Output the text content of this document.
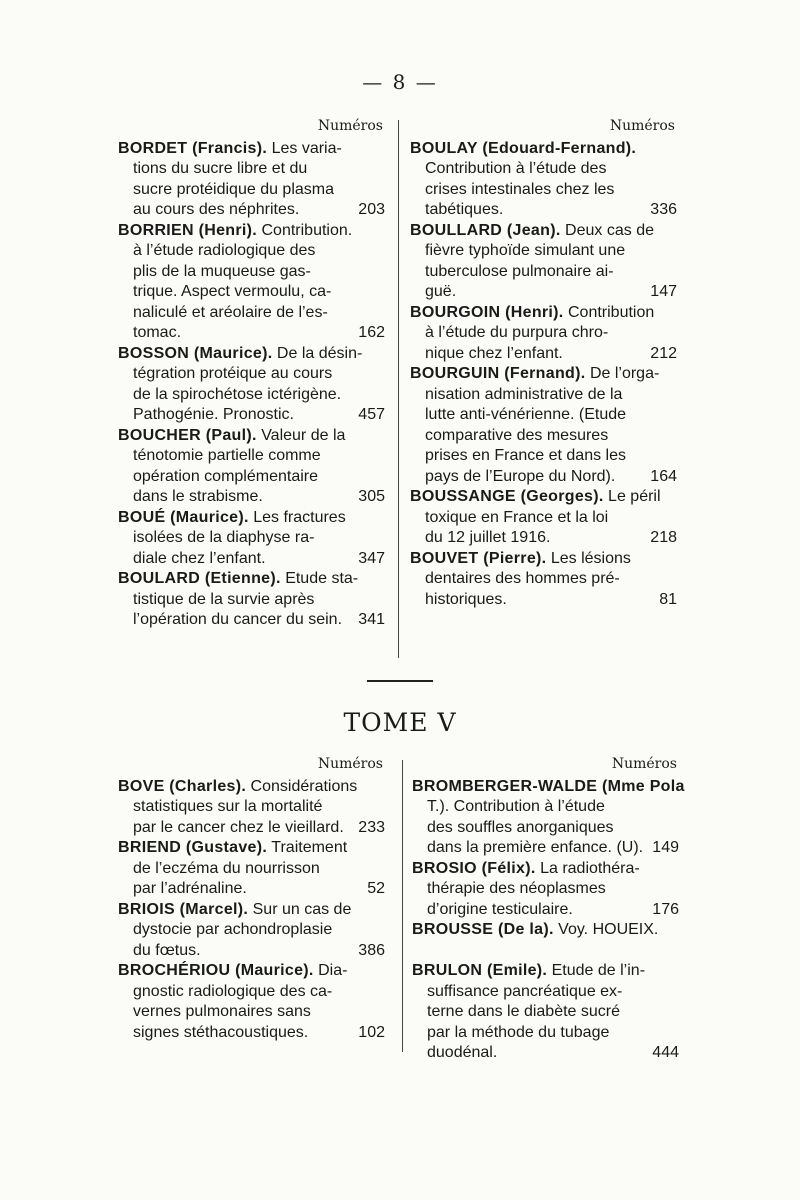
— 8 —
Numéros
BORDET (Francis). Les varia-
tions du sucre libre et du
sucre protéidique du plasma
au cours des néphrites.	203
BORRIEN (Henri). Contribution.
à l’étude radiologique des
plis de la muqueuse gas-
trique. Aspect vermoulu, ca-
naliculé et aréolaire de l’es-
tomac.	162
BOSSON (Maurice). De la désin-
tégration protéique au cours
de la spirochétose ictérigène.
Pathogénie. Pronostic.	457
BOUCHER (Paul). Valeur de la
ténotomie partielle comme
opération complémentaire
dans le strabisme.	305
BOUÉ (Maurice). Les fractures
isolées de la diaphyse ra-
diale chez l’enfant.	347
BOULARD (Etienne). Etude sta-
tistique de la survie après
l’opération du cancer du sein. 341
Numéros
BOULAY (Edouard-Fernand).
Contribution à l’étude des
crises intestinales chez les
tabétiques.	336
BOULLARD (Jean). Deux cas de
fièvre typhoïde simulant une
tuberculose pulmonaire ai-
guë.	147
BOURGOIN (Henri). Contribution
à l’étude du purpura chro-
nique chez l’enfant.	212
BOURGUIN (Fernand). De l’orga-
nisation administrative de la
lutte anti-vénérienne. (Etude
comparative des mesures
prises en France et dans les
pays de l’Europe du Nord). 164
BOUSSANGE (Georges). Le péril
toxique en France et la loi
du 12 juillet 1916.	218
BOUVET (Pierre). Les lésions
dentaires des hommes pré-
historiques.	81
TOME V
Numéros
BOVE (Charles). Considérations
statistiques sur la mortalité
par le cancer chez le vieillard. 233
BRIEND (Gustave). Traitement
de l’eczéma du nourrisson
par l’adrénaline.	52
BRIOIS (Marcel). Sur un cas de
dystocie par achondroplasie
du fœtus.	386
BROCHÉRIOU (Maurice). Dia-
gnostic radiologique des ca-
vernes pulmonaires sans
signes stéthacoustiques.	102
Numéros
BROMBERGER-WALDE (Mme Pola
T.). Contribution à l’étude
des souffles anorganiques
dans la première enfance. (U). 149
BROSIO (Félix). La radiothéra-
thérapie des néoplasmes
d’origine testiculaire.	176
BROUSSE (De la). Voy. HOUEIX.

BRULON (Emile). Etude de l’in-
suffisance pancréatique ex-
terne dans le diabète sucré
par la méthode du tubage
duodénal.	444
